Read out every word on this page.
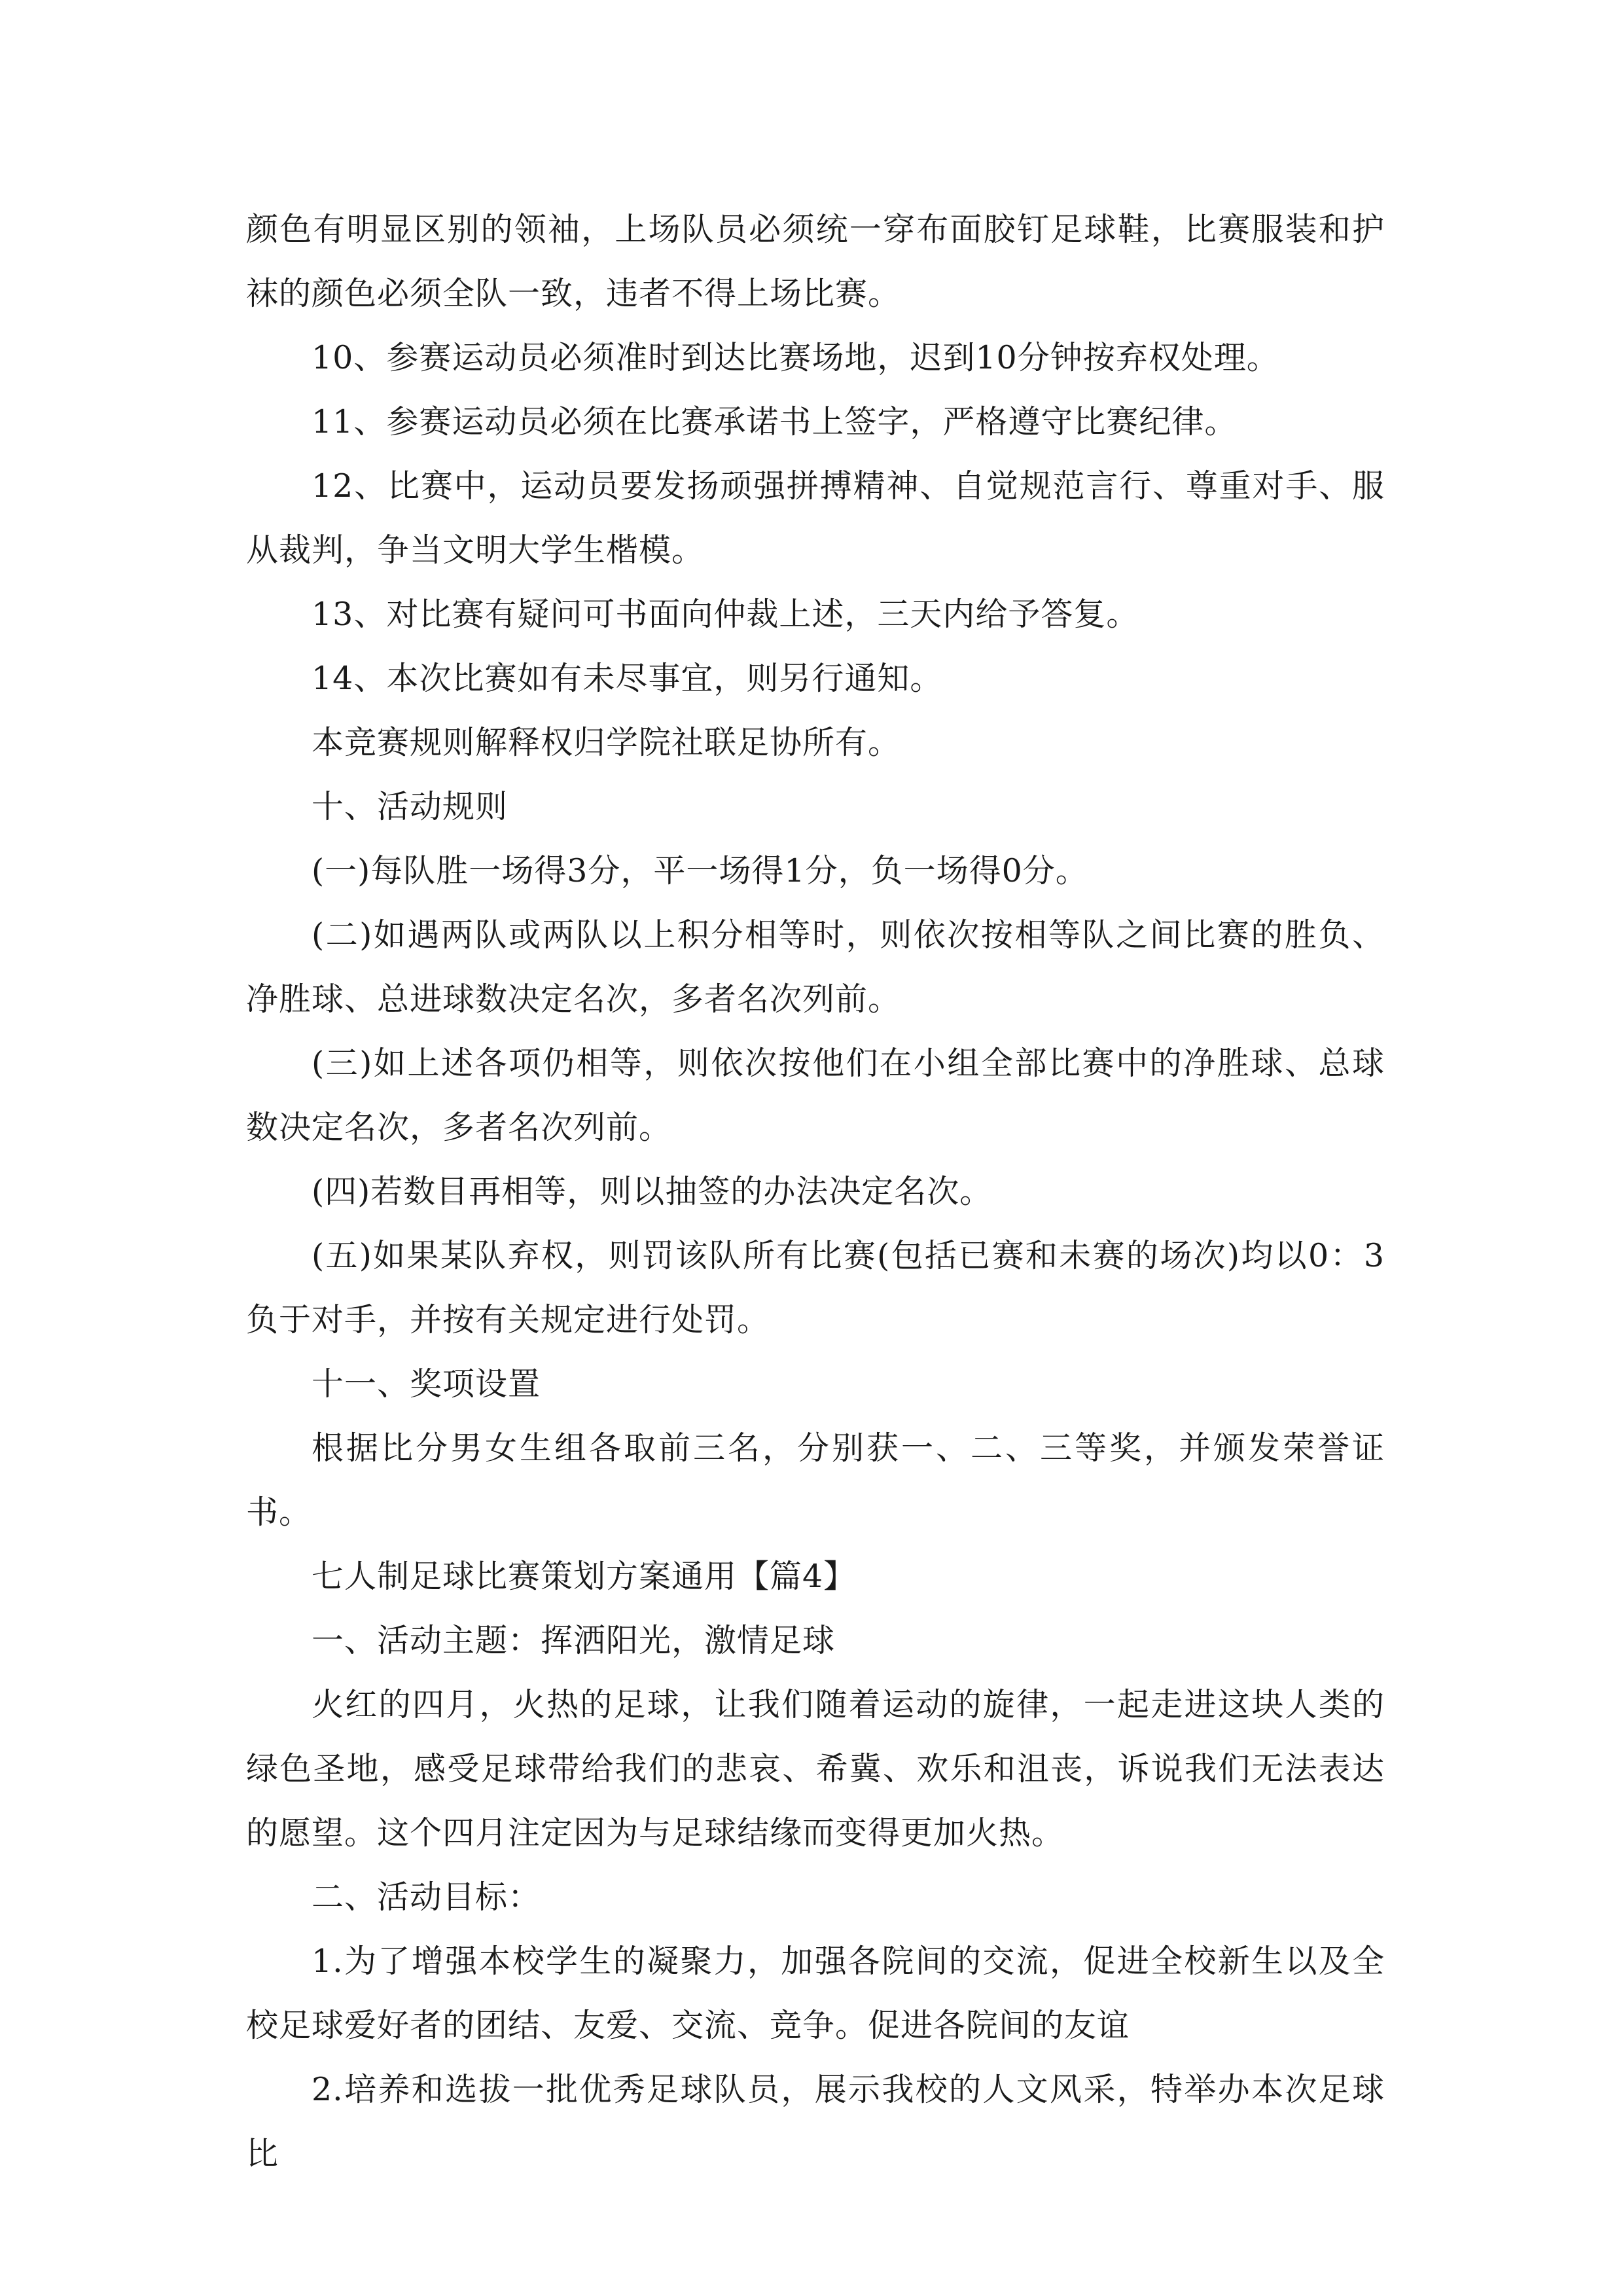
颜色有明显区别的领袖，上场队员必须统一穿布面胶钉足球鞋，比赛服装和护袜的颜色必须全队一致，违者不得上场比赛。

10、参赛运动员必须准时到达比赛场地，迟到10分钟按弃权处理。

11、参赛运动员必须在比赛承诺书上签字，严格遵守比赛纪律。

12、比赛中，运动员要发扬顽强拼搏精神、自觉规范言行、尊重对手、服从裁判，争当文明大学生楷模。

13、对比赛有疑问可书面向仲裁上述，三天内给予答复。

14、本次比赛如有未尽事宜，则另行通知。

本竞赛规则解释权归学院社联足协所有。

十、活动规则

(一)每队胜一场得3分，平一场得1分，负一场得0分。

(二)如遇两队或两队以上积分相等时，则依次按相等队之间比赛的胜负、净胜球、总进球数决定名次，多者名次列前。

(三)如上述各项仍相等，则依次按他们在小组全部比赛中的净胜球、总球数决定名次，多者名次列前。

(四)若数目再相等，则以抽签的办法决定名次。

(五)如果某队弃权，则罚该队所有比赛(包括已赛和未赛的场次)均以0：3负于对手，并按有关规定进行处罚。

十一、奖项设置

根据比分男女生组各取前三名，分别获一、二、三等奖，并颁发荣誉证书。

七人制足球比赛策划方案通用【篇4】

一、活动主题：挥洒阳光，激情足球

火红的四月，火热的足球，让我们随着运动的旋律，一起走进这块人类的绿色圣地，感受足球带给我们的悲哀、希冀、欢乐和沮丧，诉说我们无法表达的愿望。这个四月注定因为与足球结缘而变得更加火热。

二、活动目标：

1.为了增强本校学生的凝聚力，加强各院间的交流，促进全校新生以及全校足球爱好者的团结、友爱、交流、竞争。促进各院间的友谊

2.培养和选拔一批优秀足球队员，展示我校的人文风采，特举办本次足球比
